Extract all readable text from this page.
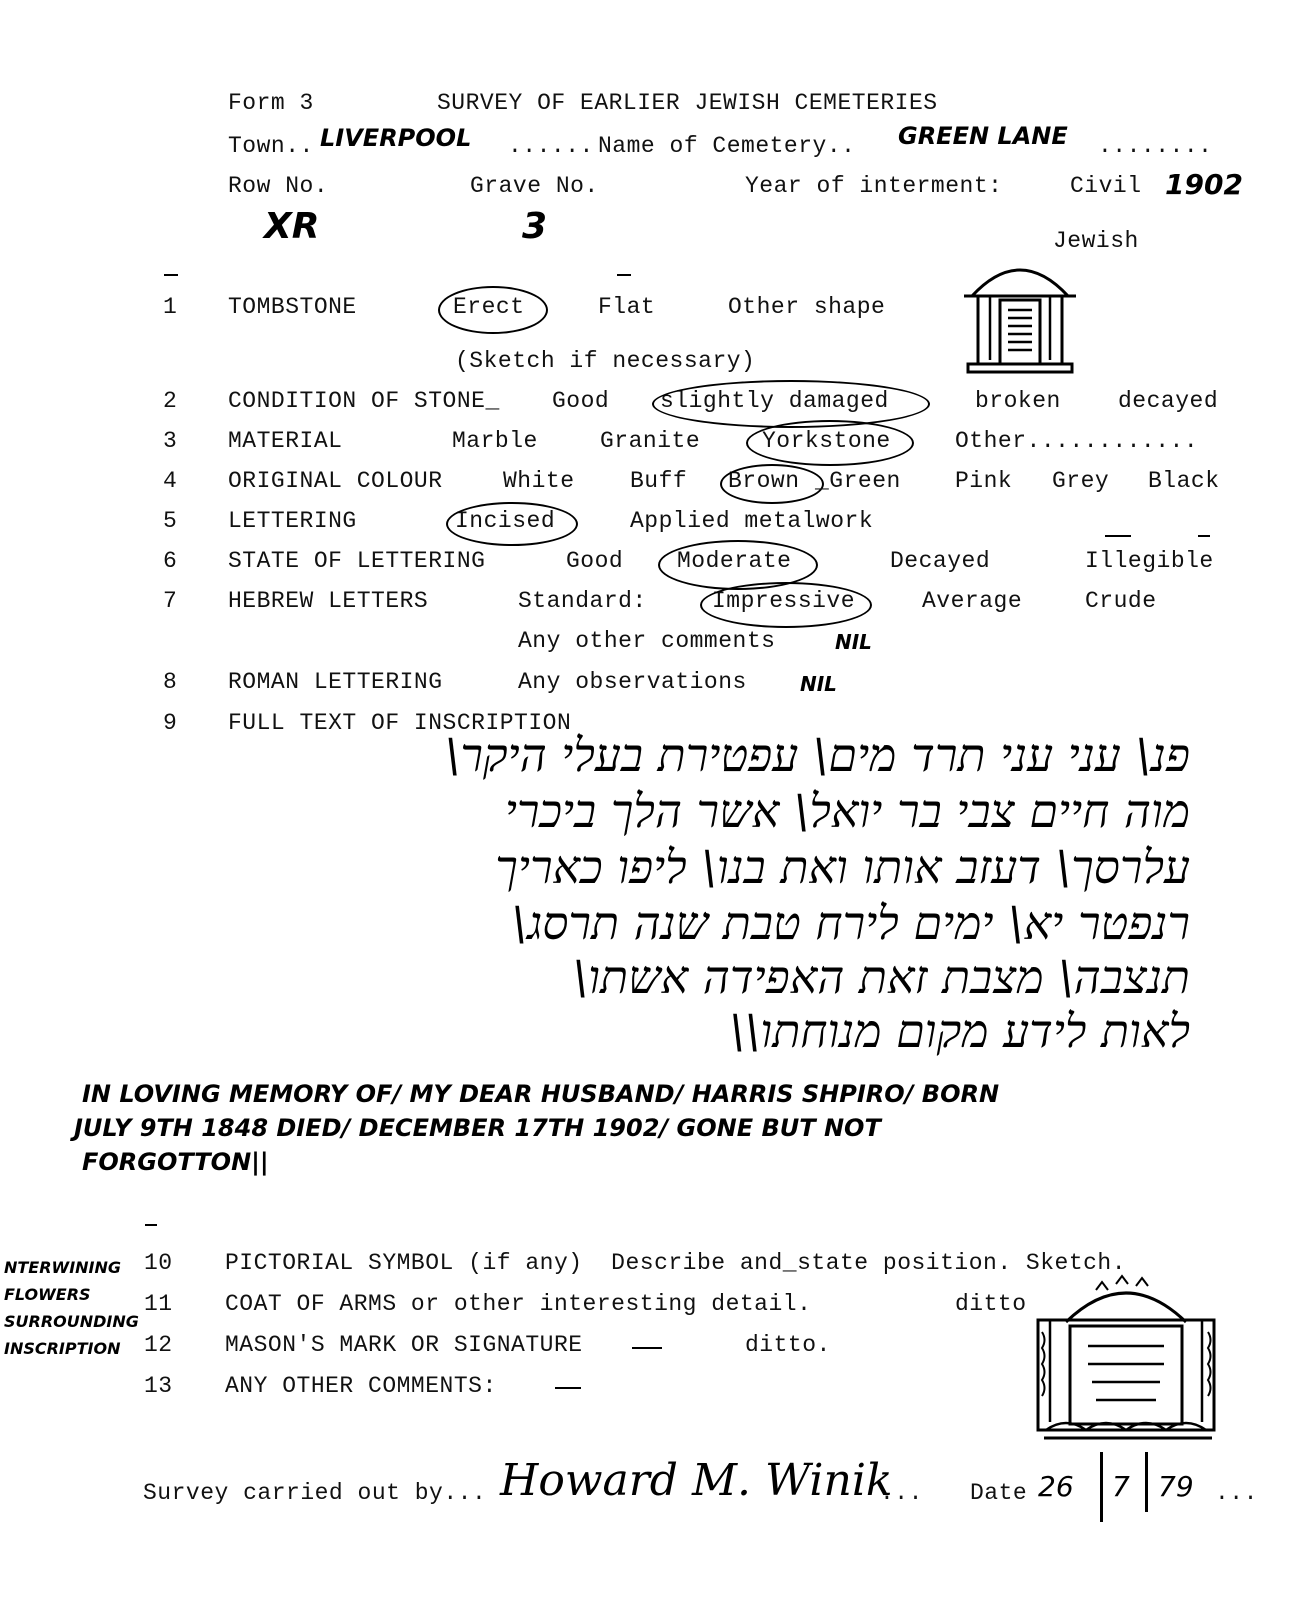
Form 3	SURVEY OF EARLIER JEWISH CEMETERIES
Town.. LIVERPOOL ...... Name of Cemetery.. GREEN LANE ........
Row No.	Grave No.	Year of interment:	Civil 1902
XR	3	Jewish
1 TOMBSTONE	Erect	Flat	Other shape
(Sketch if necessary)
2 CONDITION OF STONE_ Good slightly damaged	broken decayed
3 MATERIAL	Marble	Granite	Yorkstone	Other............
4 ORIGINAL COLOUR	White Buff Brown _Green Pink Grey Black
5 LETTERING	Incised	Applied metalwork
6 STATE OF LETTERING	Good Moderate	Decayed	Illegible
7 HEBREW LETTERS	Standard:	Impressive	Average	Crude
Any other comments	NIL
8 ROMAN LETTERING	Any observations	NIL
9 FULL TEXT OF INSCRIPTION
פנ\ עני עני תרד מים\ עפטירת בעלי היקר\
מוה חיים צבי בר יואל\ אשר הלך ביכרי
עלרסך\ דעזב אותו ואת בנו\ ליפו כאריך
רנפטר יא\ ימים לירח טבת שנה תרסג\
תנצבה\ מצבת זאת האפידה אשתו\
לאות לידע מקום מנוחתו\\
IN LOVING MEMORY OF/ MY DEAR HUSBAND/ HARRIS SHPIRO/ BORN
JULY 9TH 1848 DIED/ DECEMBER 17TH 1902/ GONE BUT NOT
FORGOTTON||
NTERWINING
FLOWERS
SURROUNDING
INSCRIPTION
10 PICTORIAL SYMBOL (if any)  Describe and_state position. Sketch.
11 COAT OF ARMS or other interesting detail.	ditto
12 MASON'S MARK OR SIGNATURE	ditto.
13 ANY OTHER COMMENTS:
Survey carried out by... Howard M. Winik
... Date 26 7 79 ...
